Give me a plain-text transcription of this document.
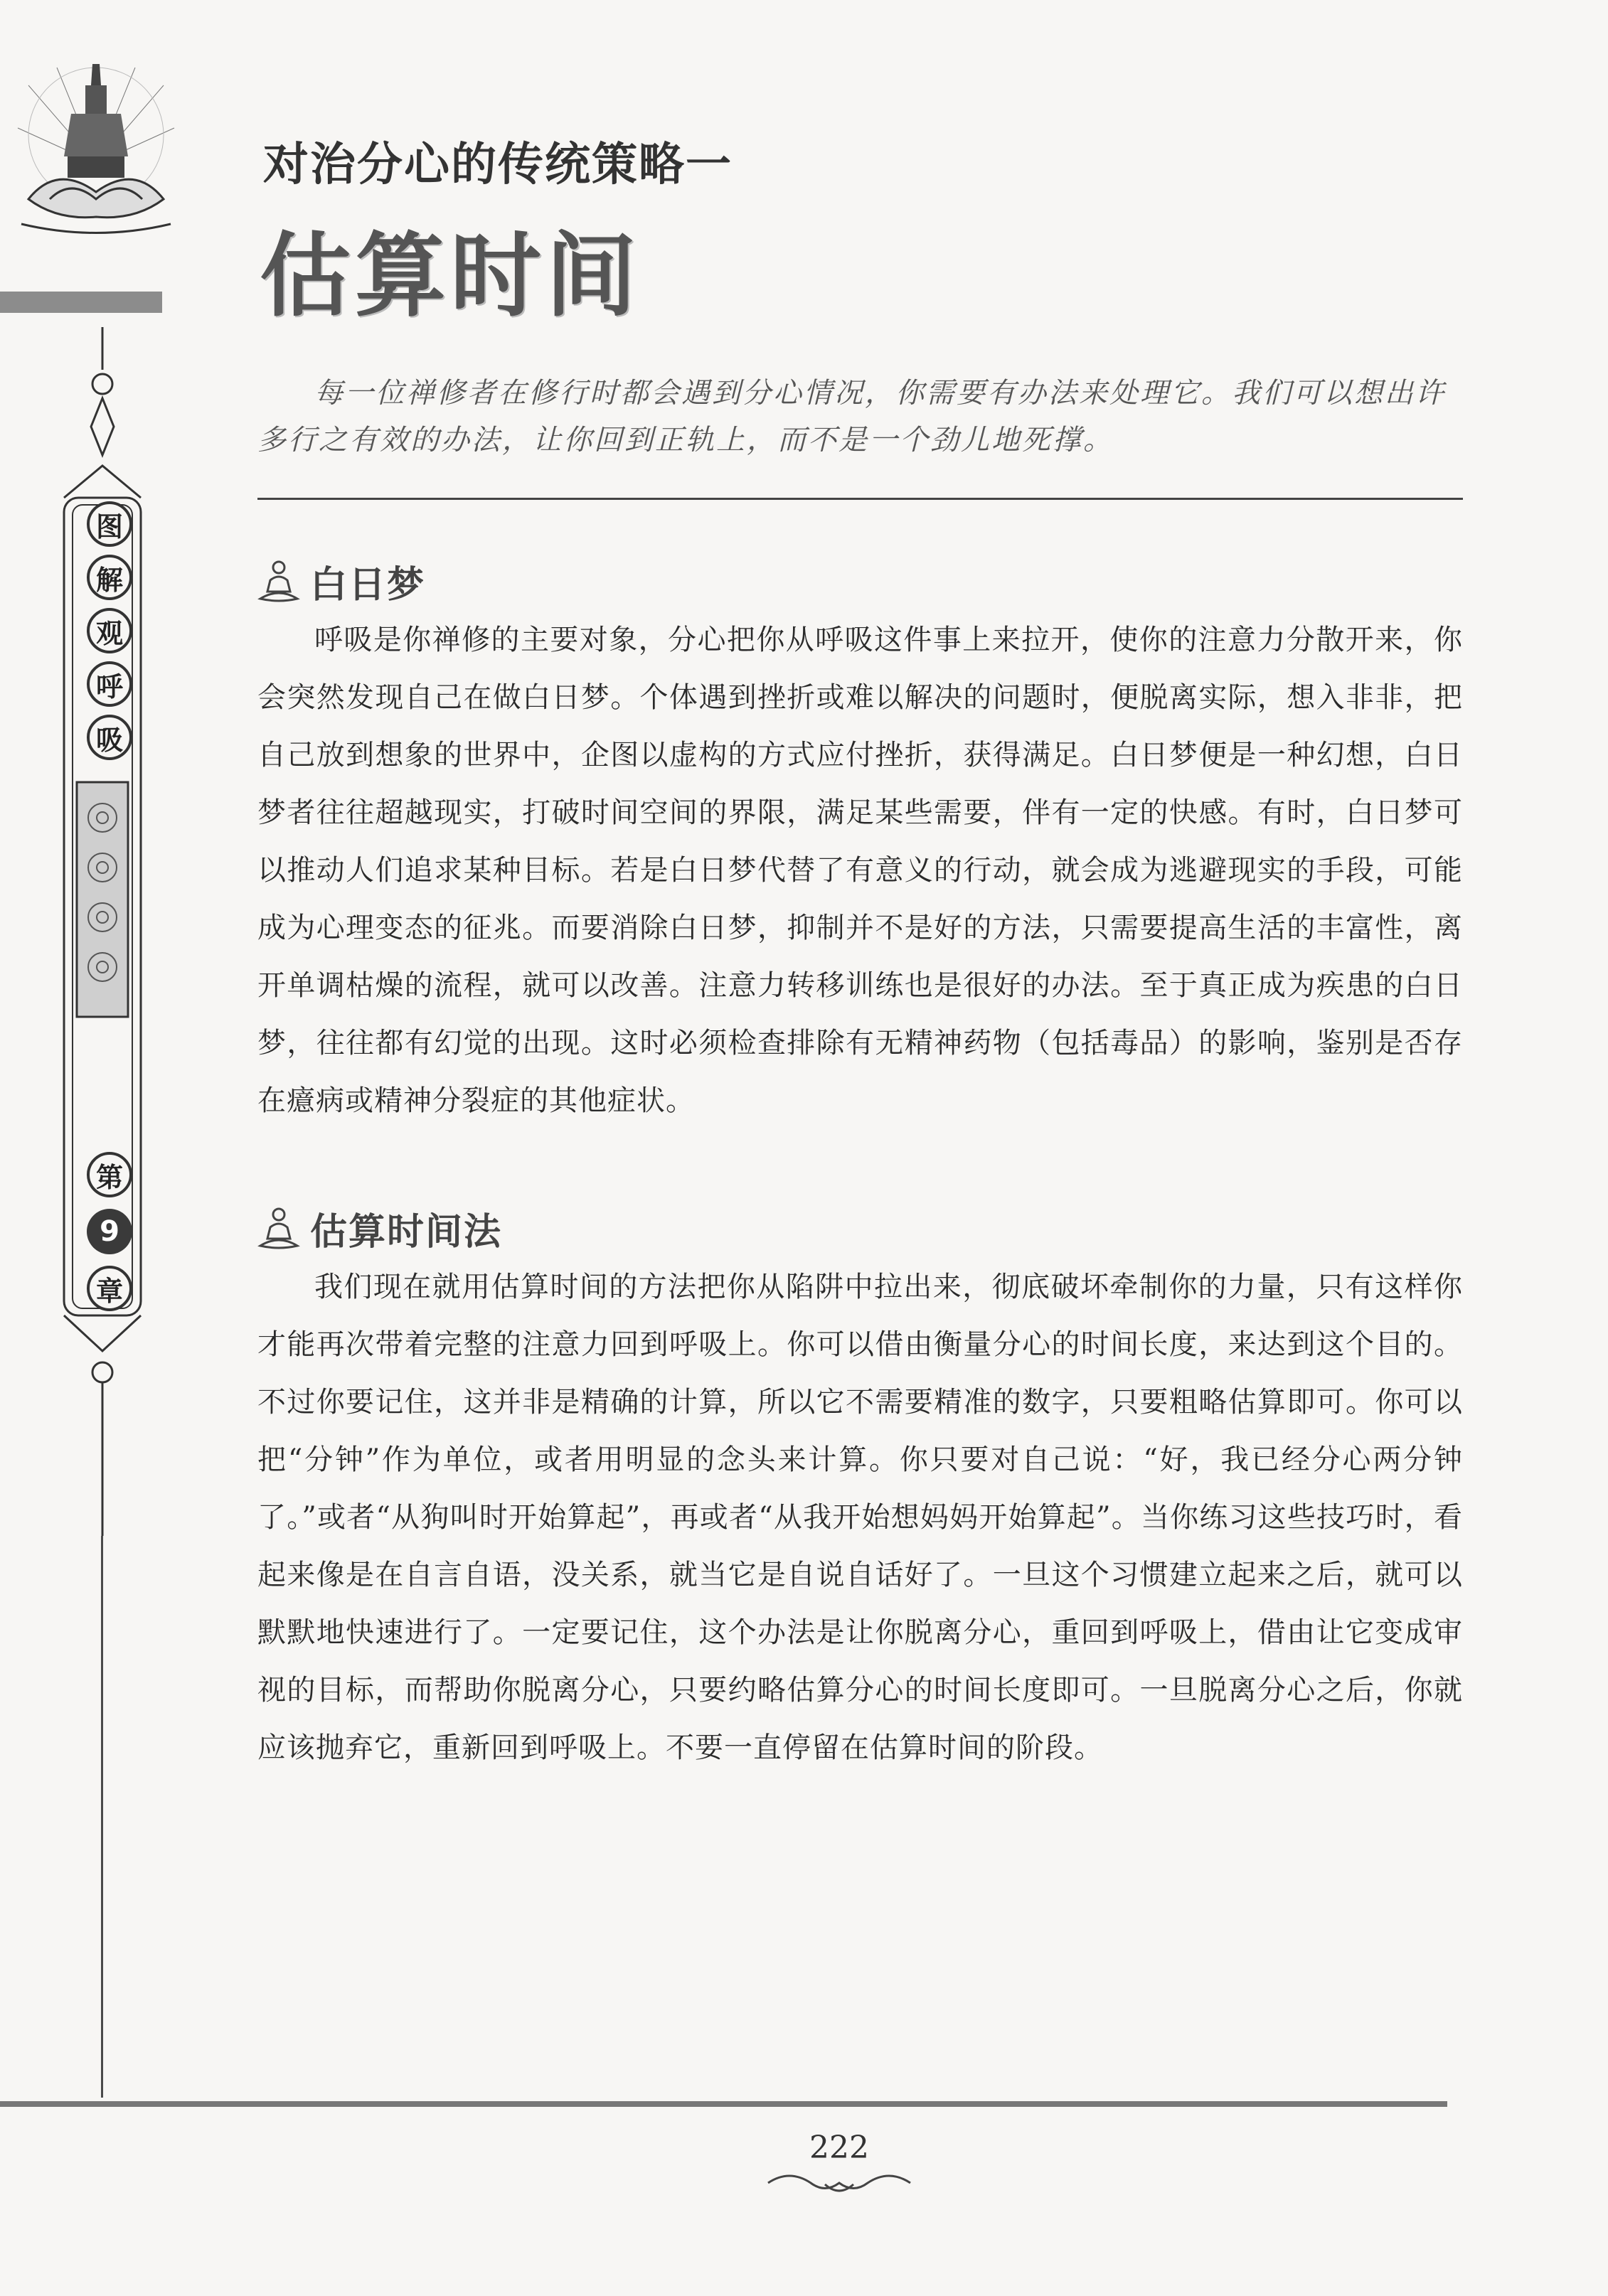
图
解
观
呼
吸
第
9
章
对治分心的传统策略一
估算时间
每一位禅修者在修行时都会遇到分心情况，你需要有办法来处理它。我们可以想出许多行之有效的办法，让你回到正轨上，而不是一个劲儿地死撑。
白日梦
呼吸是你禅修的主要对象，分心把你从呼吸这件事上来拉开，使你的注意力分散开来，你会突然发现自己在做白日梦。个体遇到挫折或难以解决的问题时，便脱离实际，想入非非，把自己放到想象的世界中，企图以虚构的方式应付挫折，获得满足。白日梦便是一种幻想，白日梦者往往超越现实，打破时间空间的界限，满足某些需要，伴有一定的快感。有时，白日梦可以推动人们追求某种目标。若是白日梦代替了有意义的行动，就会成为逃避现实的手段，可能成为心理变态的征兆。而要消除白日梦，抑制并不是好的方法，只需要提高生活的丰富性，离开单调枯燥的流程，就可以改善。注意力转移训练也是很好的办法。至于真正成为疾患的白日梦，往往都有幻觉的出现。这时必须检查排除有无精神药物（包括毒品）的影响，鉴别是否存在癔病或精神分裂症的其他症状。
估算时间法
我们现在就用估算时间的方法把你从陷阱中拉出来，彻底破坏牵制你的力量，只有这样你才能再次带着完整的注意力回到呼吸上。你可以借由衡量分心的时间长度，来达到这个目的。不过你要记住，这并非是精确的计算，所以它不需要精准的数字，只要粗略估算即可。你可以把“分钟”作为单位，或者用明显的念头来计算。你只要对自己说：“好，我已经分心两分钟了。”或者“从狗叫时开始算起”，再或者“从我开始想妈妈开始算起”。当你练习这些技巧时，看起来像是在自言自语，没关系，就当它是自说自话好了。一旦这个习惯建立起来之后，就可以默默地快速进行了。一定要记住，这个办法是让你脱离分心，重回到呼吸上，借由让它变成审视的目标，而帮助你脱离分心，只要约略估算分心的时间长度即可。一旦脱离分心之后，你就应该抛弃它，重新回到呼吸上。不要一直停留在估算时间的阶段。
222
